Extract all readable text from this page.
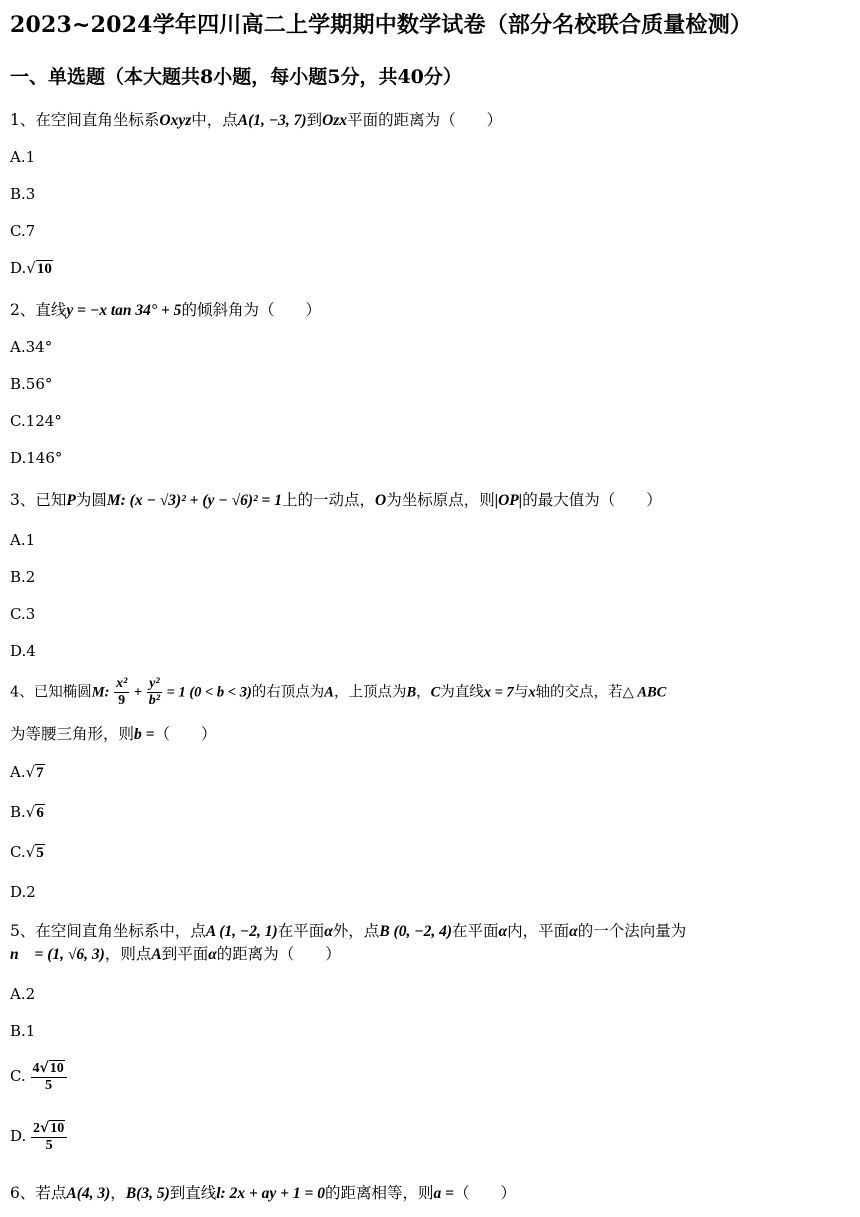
2023~2024学年四川高二上学期期中数学试卷（部分名校联合质量检测）
一、单选题（本大题共8小题，每小题5分，共40分）
1、在空间直角坐标系Oxyz中，点A(1, −3, 7)到Ozx平面的距离为（　　）
A.1
B.3
C.7
D.√10
2、直线y = −x tan 34° + 5的倾斜角为（　　）
A.34°
B.56°
C.124°
D.146°
3、已知P为圆M: (x − √3)² + (y − √6)² = 1上的一动点，O为坐标原点，则|OP|的最大值为（　　）
A.1
B.2
C.3
D.4
4、已知椭圆M: $\frac{\text{x²}}{9} + \frac{\text{y²}}{\text{b²}} = 1$ (0 < b < 3)的右顶点为A，上顶点为B，C为直线x = 7与x轴的交点，若△ ABC
为等腰三角形，则b =（　　）
A.√7
B.√6
C.√5
D.2
5、在空间直角坐标系中，点A (1, −2, 1)在平面α外，点B (0, −2, 4)在平面α内，平面α的一个法向量为
n⃗ = (1, √6, 3)，则点A到平面α的距离为（　　）
A.2
B.1
C. $\frac{4√10}{5}$
D. $\frac{2√10}{5}$
6、若点A(4, 3)，B(3, 5)到直线l: 2x + ay + 1 = 0的距离相等，则a =（　　）
